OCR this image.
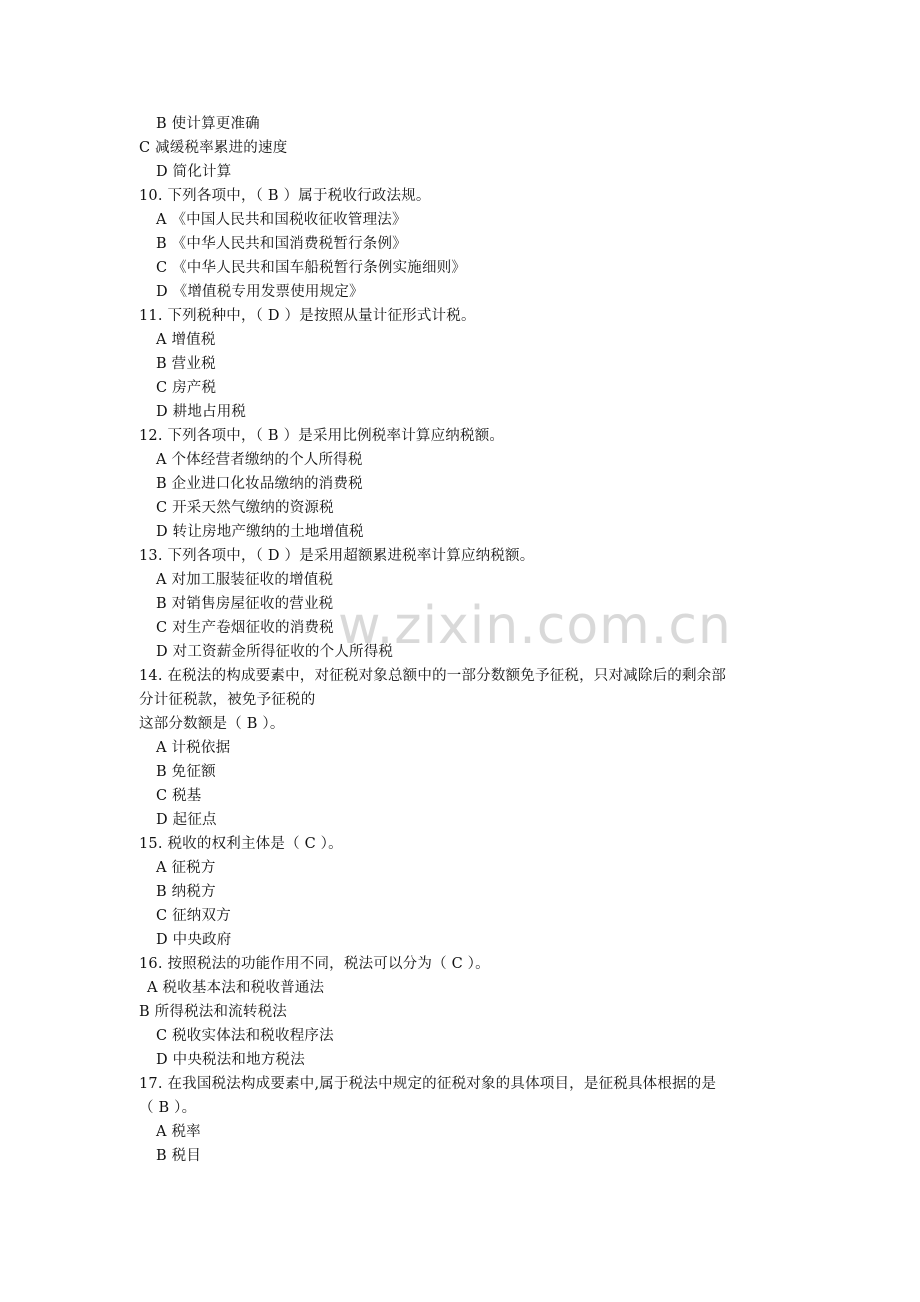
w.zixin.com.cn
B 使计算更准确
C 减缓税率累进的速度
D 简化计算
10. 下列各项中，（ B ）属于税收行政法规。
A 《中国人民共和国税收征收管理法》
B 《中华人民共和国消费税暂行条例》
C 《中华人民共和国车船税暂行条例实施细则》
D 《增值税专用发票使用规定》
11. 下列税种中，（ D ）是按照从量计征形式计税。
A 增值税
B 营业税
C 房产税
D 耕地占用税
12. 下列各项中，（ B ）是采用比例税率计算应纳税额。
A 个体经营者缴纳的个人所得税
B 企业进口化妆品缴纳的消费税
C 开采天然气缴纳的资源税
D 转让房地产缴纳的土地增值税
13. 下列各项中，（ D ）是采用超额累进税率计算应纳税额。
A 对加工服装征收的增值税
B 对销售房屋征收的营业税
C 对生产卷烟征收的消费税
D 对工资薪金所得征收的个人所得税
14. 在税法的构成要素中，对征税对象总额中的一部分数额免予征税，只对减除后的剩余部
分计征税款，被免予征税的
这部分数额是（ B ）。
A 计税依据
B 免征额
C 税基
D 起征点
15. 税收的权利主体是（ C ）。
A 征税方
B 纳税方
C 征纳双方
D 中央政府
16. 按照税法的功能作用不同，税法可以分为（ C ）。
A 税收基本法和税收普通法
B 所得税法和流转税法
C 税收实体法和税收程序法
D 中央税法和地方税法
17. 在我国税法构成要素中,属于税法中规定的征税对象的具体项目，是征税具体根据的是
（ B ）。
A 税率
B 税目
